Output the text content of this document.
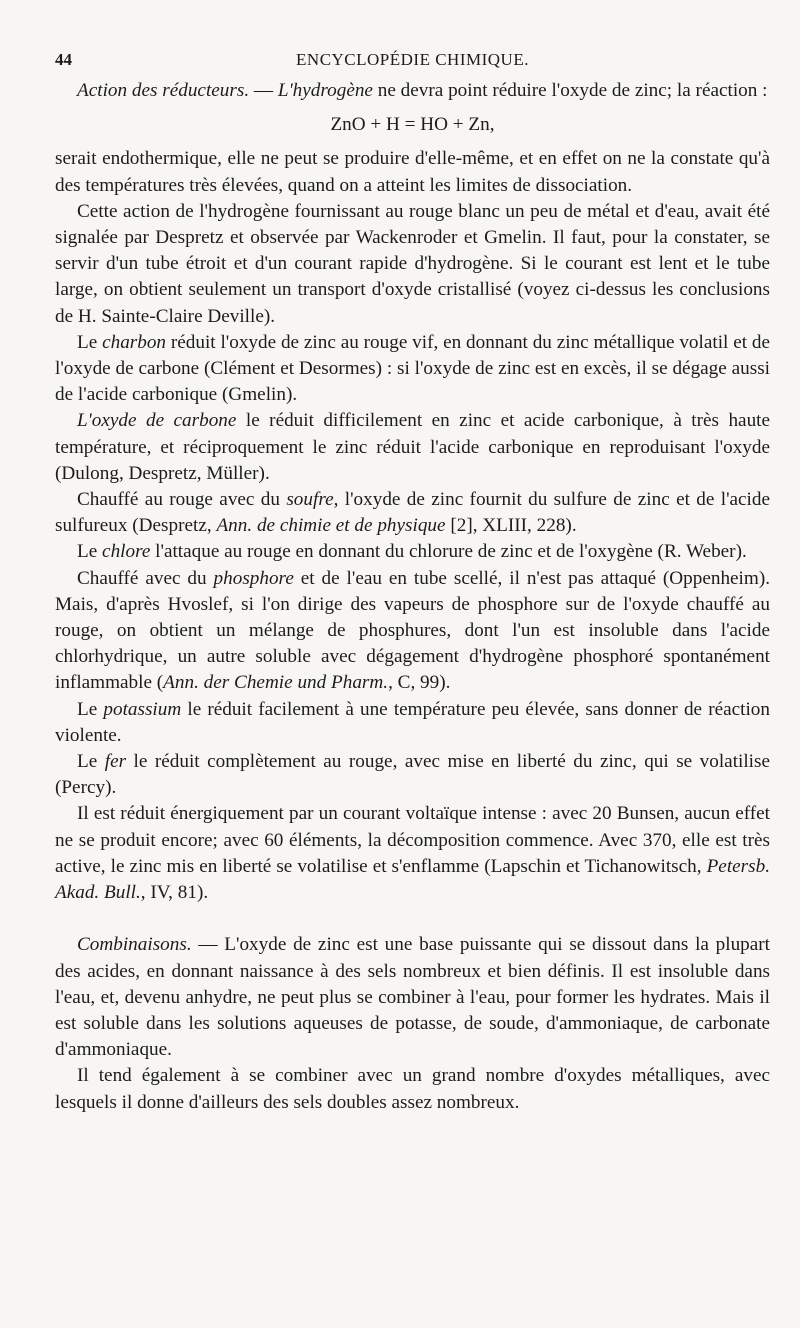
44	ENCYCLOPÉDIE CHIMIQUE.

Action des réducteurs. — L'hydrogène ne devra point réduire l'oxyde de zinc; la réaction :

ZnO + H = HO + Zn,

serait endothermique, elle ne peut se produire d'elle-même, et en effet on ne la constate qu'à des températures très élevées, quand on a atteint les limites de dissociation.

Cette action de l'hydrogène fournissant au rouge blanc un peu de métal et d'eau, avait été signalée par Despretz et observée par Wackenroder et Gmelin. Il faut, pour la constater, se servir d'un tube étroit et d'un courant rapide d'hydrogène. Si le courant est lent et le tube large, on obtient seulement un transport d'oxyde cristallisé (voyez ci-dessus les conclusions de H. Sainte-Claire Deville).

Le charbon réduit l'oxyde de zinc au rouge vif, en donnant du zinc métallique volatil et de l'oxyde de carbone (Clément et Desormes) : si l'oxyde de zinc est en excès, il se dégage aussi de l'acide carbonique (Gmelin).

L'oxyde de carbone le réduit difficilement en zinc et acide carbonique, à très haute température, et réciproquement le zinc réduit l'acide carbonique en reproduisant l'oxyde (Dulong, Despretz, Müller).

Chauffé au rouge avec du soufre, l'oxyde de zinc fournit du sulfure de zinc et de l'acide sulfureux (Despretz, Ann. de chimie et de physique [2], XLIII, 228).

Le chlore l'attaque au rouge en donnant du chlorure de zinc et de l'oxygène (R. Weber).

Chauffé avec du phosphore et de l'eau en tube scellé, il n'est pas attaqué (Oppenheim). Mais, d'après Hvoslef, si l'on dirige des vapeurs de phosphore sur de l'oxyde chauffé au rouge, on obtient un mélange de phosphures, dont l'un est insoluble dans l'acide chlorhydrique, un autre soluble avec dégagement d'hydrogène phosphoré spontanément inflammable (Ann. der Chemie und Pharm., C, 99).

Le potassium le réduit facilement à une température peu élevée, sans donner de réaction violente.

Le fer le réduit complètement au rouge, avec mise en liberté du zinc, qui se volatilise (Percy).

Il est réduit énergiquement par un courant voltaïque intense : avec 20 Bunsen, aucun effet ne se produit encore; avec 60 éléments, la décomposition commence. Avec 370, elle est très active, le zinc mis en liberté se volatilise et s'enflamme (Lapschin et Tichanowitsch, Petersb. Akad. Bull., IV, 81).

Combinaisons. — L'oxyde de zinc est une base puissante qui se dissout dans la plupart des acides, en donnant naissance à des sels nombreux et bien définis. Il est insoluble dans l'eau, et, devenu anhydre, ne peut plus se combiner à l'eau, pour former les hydrates. Mais il est soluble dans les solutions aqueuses de potasse, de soude, d'ammoniaque, de carbonate d'ammoniaque.

Il tend également à se combiner avec un grand nombre d'oxydes métalliques, avec lesquels il donne d'ailleurs des sels doubles assez nombreux.
